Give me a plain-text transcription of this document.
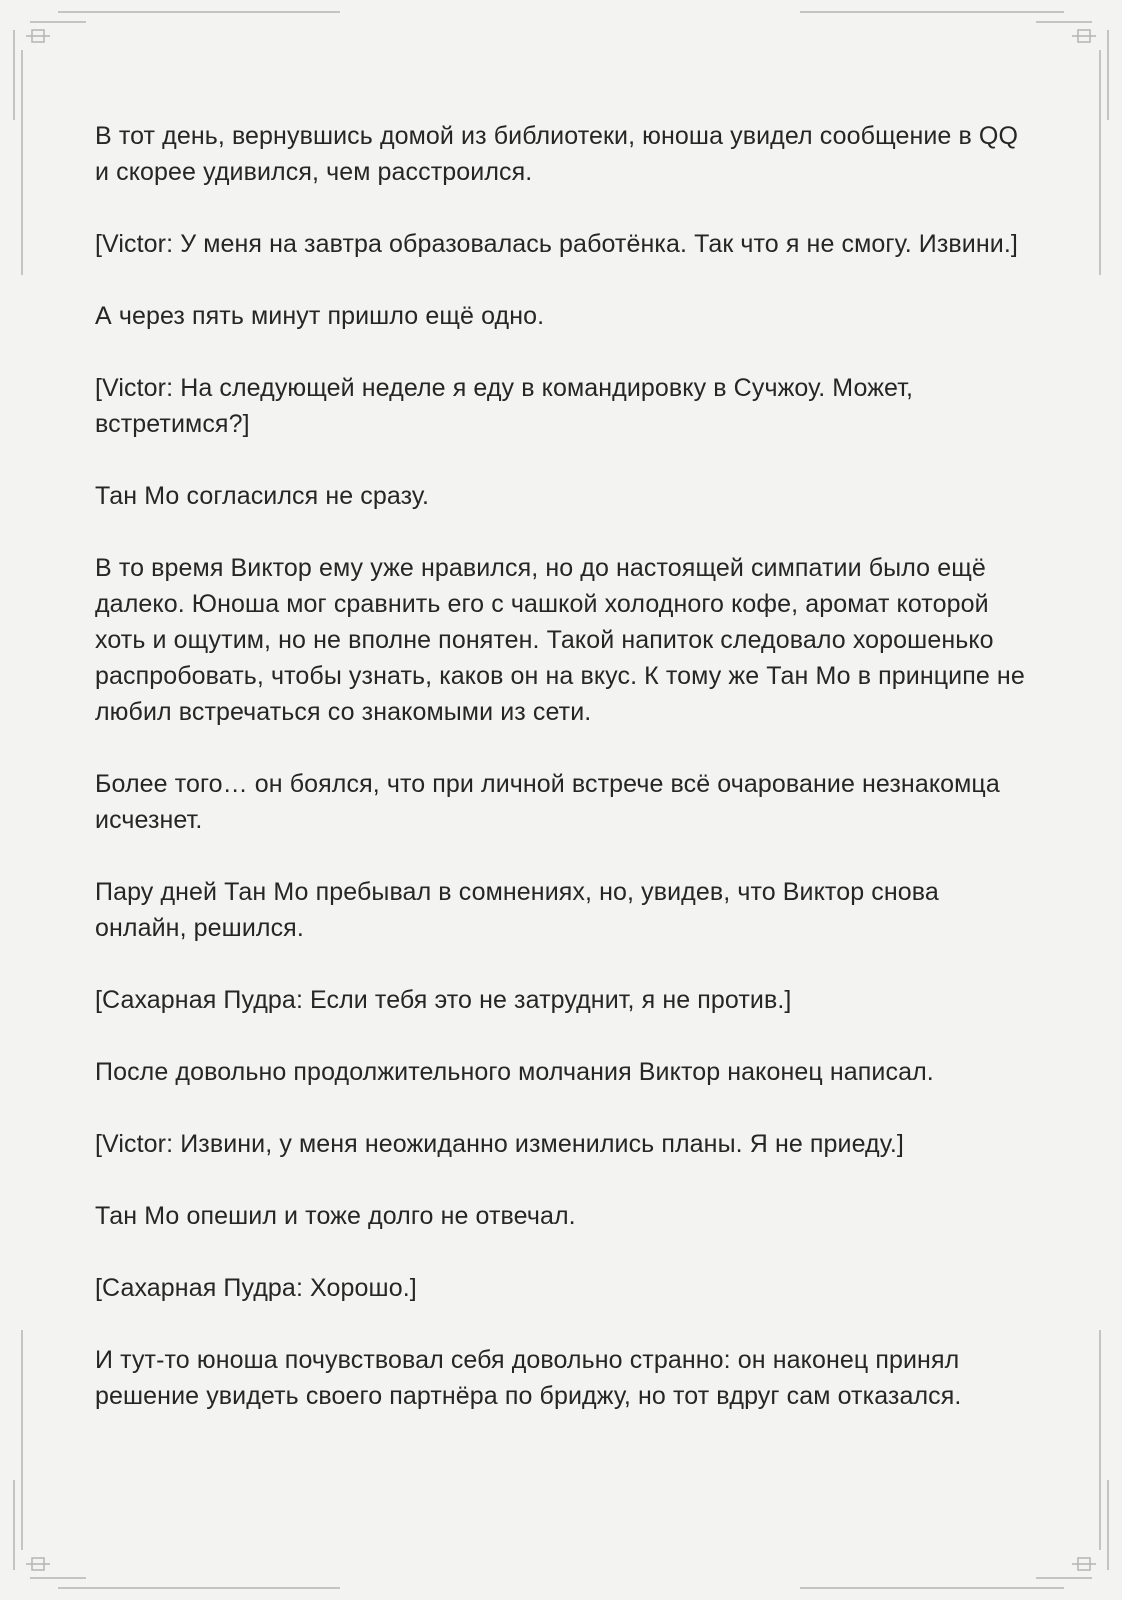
В тот день, вернувшись домой из библиотеки, юноша увидел сообщение в QQ и скорее удивился, чем расстроился.

[Victor: У меня на завтра образовалась работёнка. Так что я не смогу. Извини.]

А через пять минут пришло ещё одно.

[Victor: На следующей неделе я еду в командировку в Сучжоу. Может, встретимся?]

Тан Мо согласился не сразу.

В то время Виктор ему уже нравился, но до настоящей симпатии было ещё далеко. Юноша мог сравнить его с чашкой холодного кофе, аромат которой хоть и ощутим, но не вполне понятен. Такой напиток следовало хорошенько распробовать, чтобы узнать, каков он на вкус. К тому же Тан Мо в принципе не любил встречаться со знакомыми из сети.

Более того… он боялся, что при личной встрече всё очарование незнакомца исчезнет.

Пару дней Тан Мо пребывал в сомнениях, но, увидев, что Виктор снова онлайн, решился.

[Сахарная Пудра: Если тебя это не затруднит, я не против.]

После довольно продолжительного молчания Виктор наконец написал.

[Victor: Извини, у меня неожиданно изменились планы. Я не приеду.]

Тан Мо опешил и тоже долго не отвечал.

[Сахарная Пудра: Хорошо.]

И тут-то юноша почувствовал себя довольно странно: он наконец принял решение увидеть своего партнёра по бриджу, но тот вдруг сам отказался.
